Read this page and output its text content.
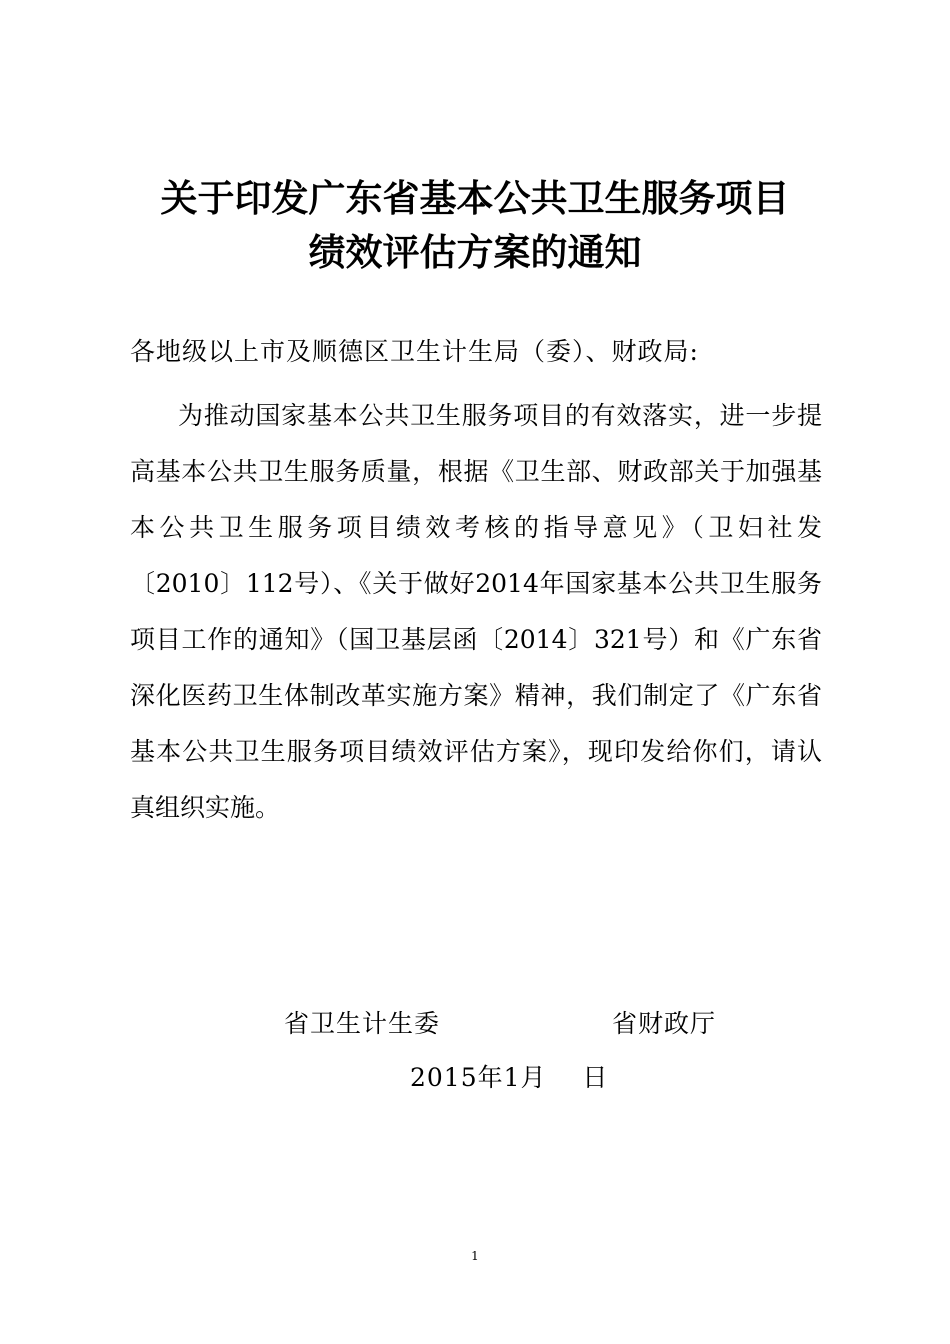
关于印发广东省基本公共卫生服务项目
绩效评估方案的通知
各地级以上市及顺德区卫生计生局（委）、财政局:
为推动国家基本公共卫生服务项目的有效落实，进一步提
高基本公共卫生服务质量，根据《卫生部、财政部关于加强基
本公共卫生服务项目绩效考核的指导意见》（卫妇社发
〔2010〕112号）、《关于做好2014年国家基本公共卫生服务
项目工作的通知》（国卫基层函〔2014〕321号）和《广东省
深化医药卫生体制改革实施方案》精神，我们制定了《广东省
基本公共卫生服务项目绩效评估方案》，现印发给你们，请认
真组织实施。
省卫生计生委	省财政厅
2015年1月    日
1
